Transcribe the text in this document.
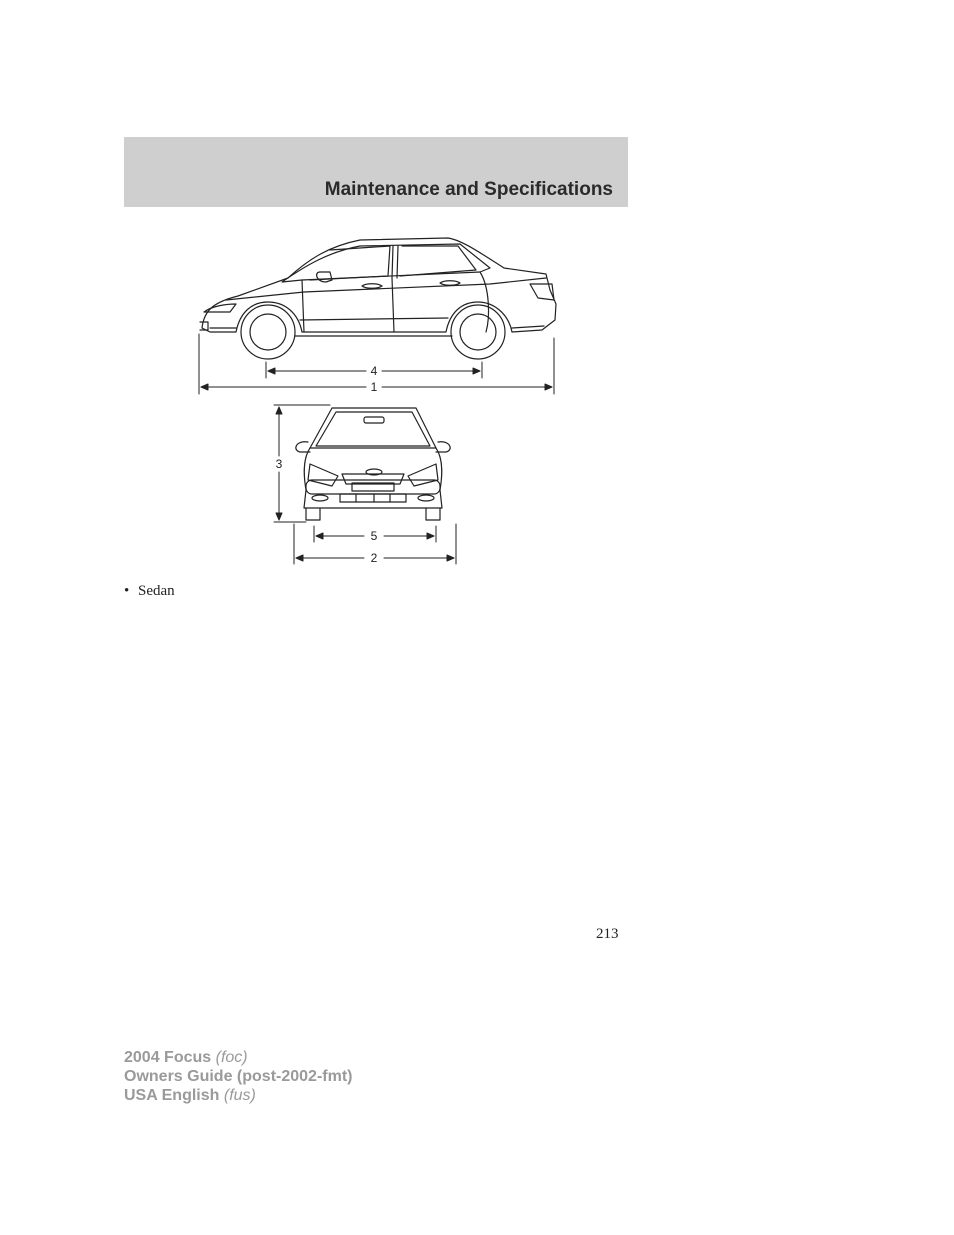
Maintenance and Specifications
4
1
3
5
2
• Sedan
213
2004 Focus (foc)
Owners Guide (post-2002-fmt)
USA English (fus)
